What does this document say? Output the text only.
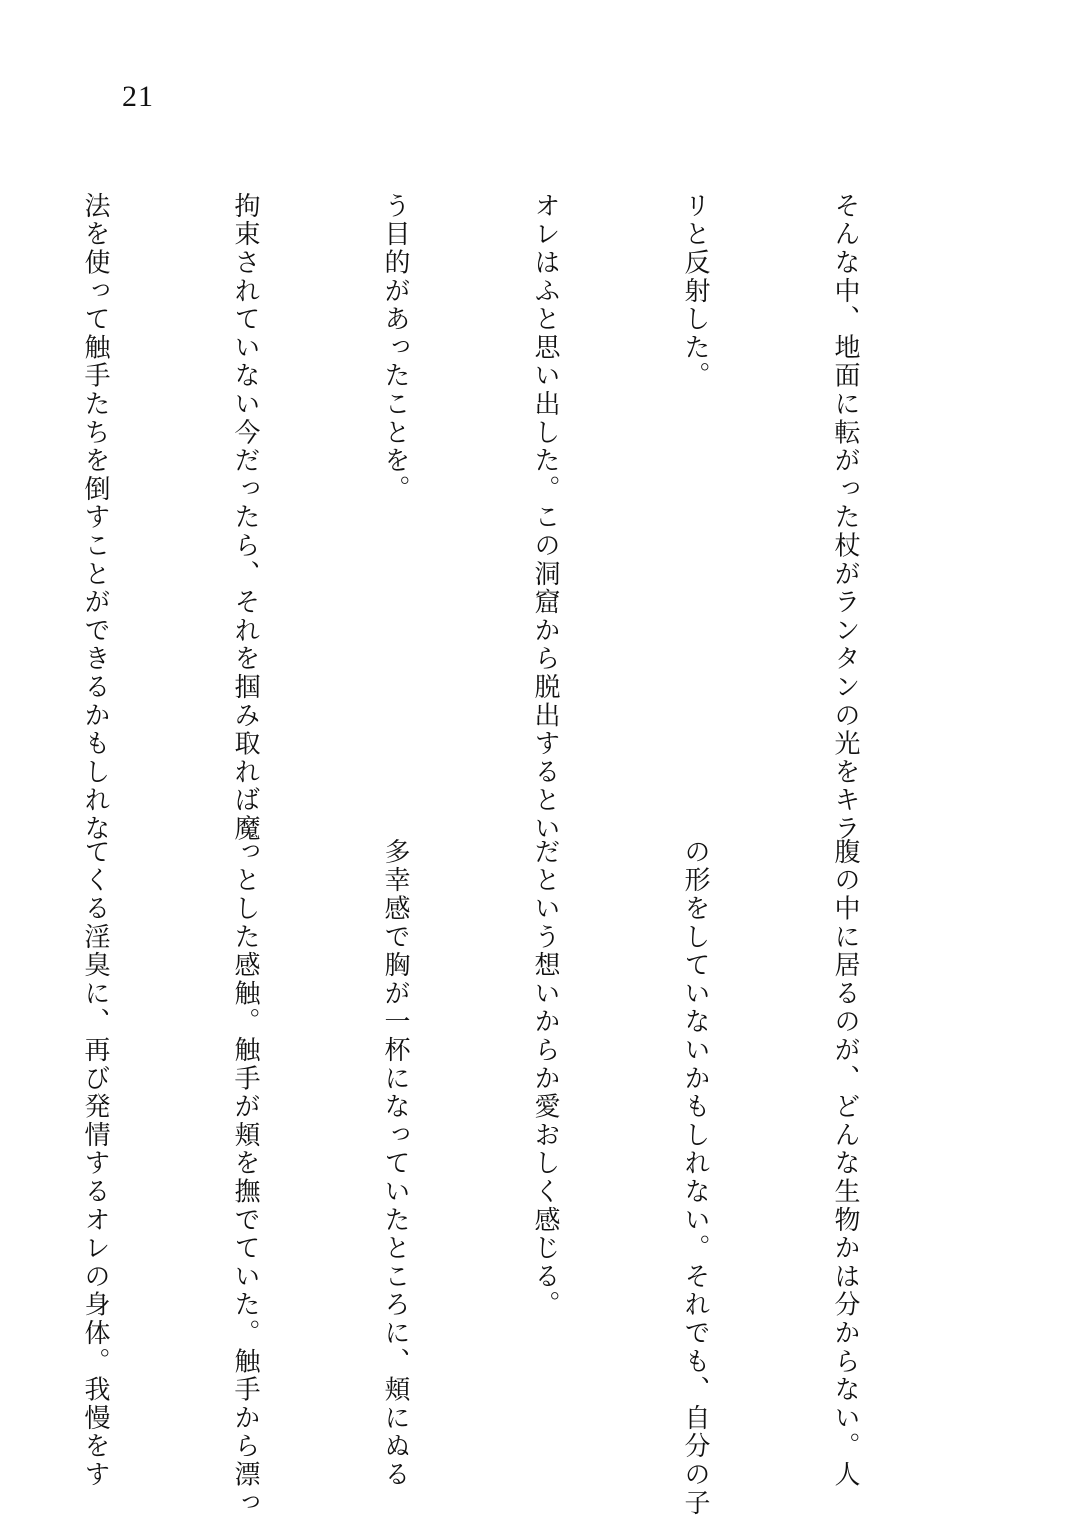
21

そんな中、地面に転がった杖がランタンの光をキラ

リと反射した。

オレはふと思い出した。この洞窟から脱出するとい

う目的があったことを。

拘束されていない今だったら、それを掴み取れば魔

法を使って触手たちを倒すことができるかもしれな

腹の中に居るのが、どんな生物かは分からない。人

の形をしていないかもしれない。それでも、自分の子

だという想いからか愛おしく感じる。

多幸感で胸が一杯になっていたところに、頬にぬる

っとした感触。触手が頬を撫でていた。触手から漂っ

てくる淫臭に、再び発情するオレの身体。我慢をす
